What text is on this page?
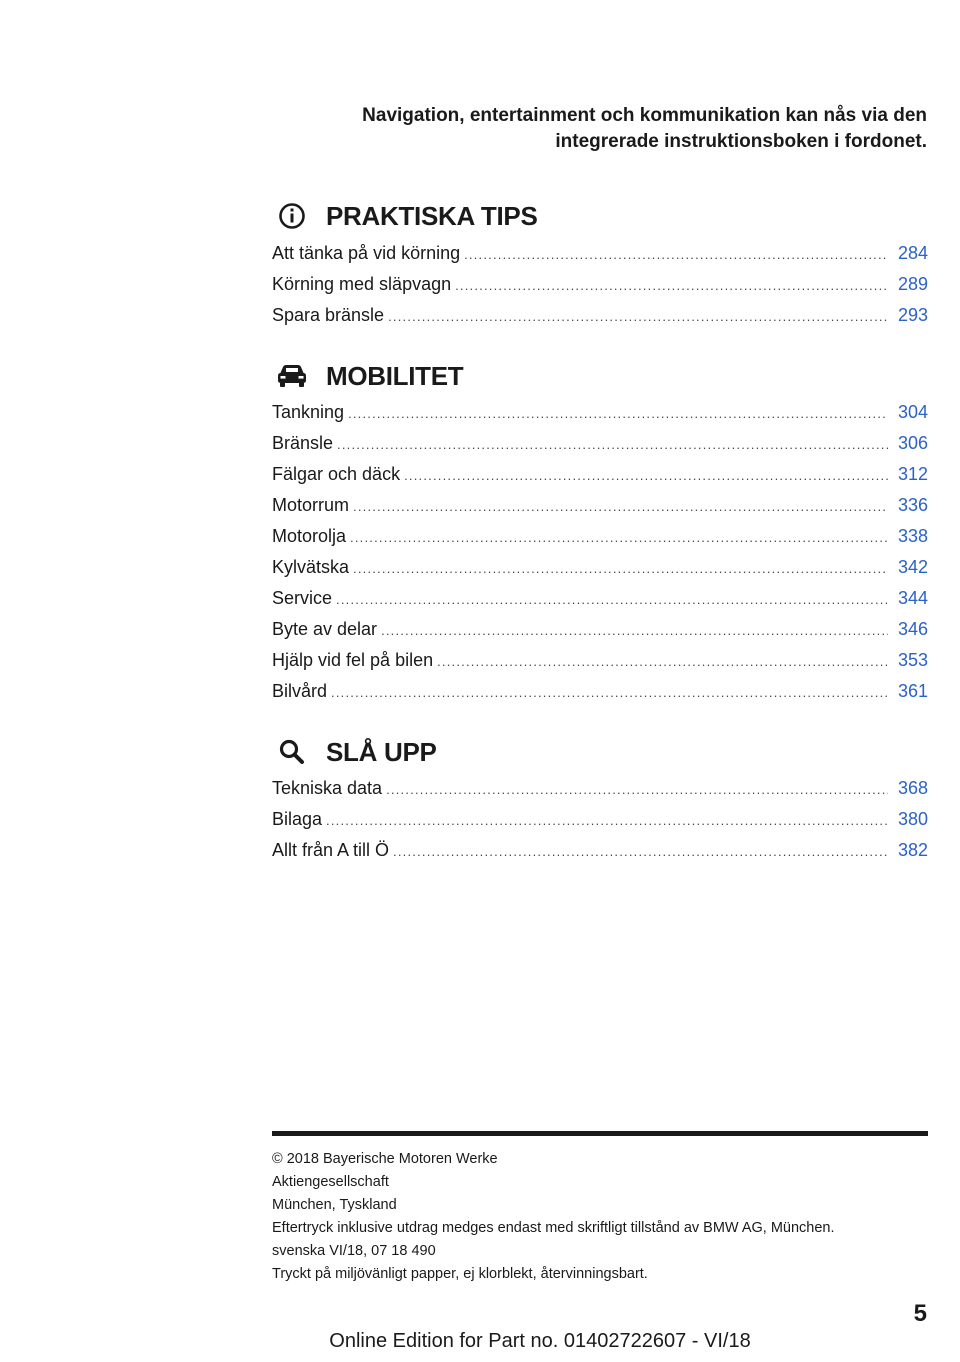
Navigation, entertainment och kommunikation kan nås via den
integrerade instruktionsboken i fordonet.
PRAKTISKA TIPS
Att tänka på vid körning .....	284
Körning med släpvagn .....	289
Spara bränsle .....	293
MOBILITET
Tankning .....	304
Bränsle .....	306
Fälgar och däck .....	312
Motorrum .....	336
Motorolja .....	338
Kylvätska .....	342
Service .....	344
Byte av delar .....	346
Hjälp vid fel på bilen .....	353
Bilvård .....	361
SLÅ UPP
Tekniska data .....	368
Bilaga .....	380
Allt från A till Ö .....	382
© 2018 Bayerische Motoren Werke
Aktiengesellschaft
München, Tyskland
Eftertryck inklusive utdrag medges endast med skriftligt tillstånd av BMW AG, München.
svenska VI/18, 07 18 490
Tryckt på miljövänligt papper, ej klorblekt, återvinningsbart.
5
Online Edition for Part no. 01402722607 - VI/18
